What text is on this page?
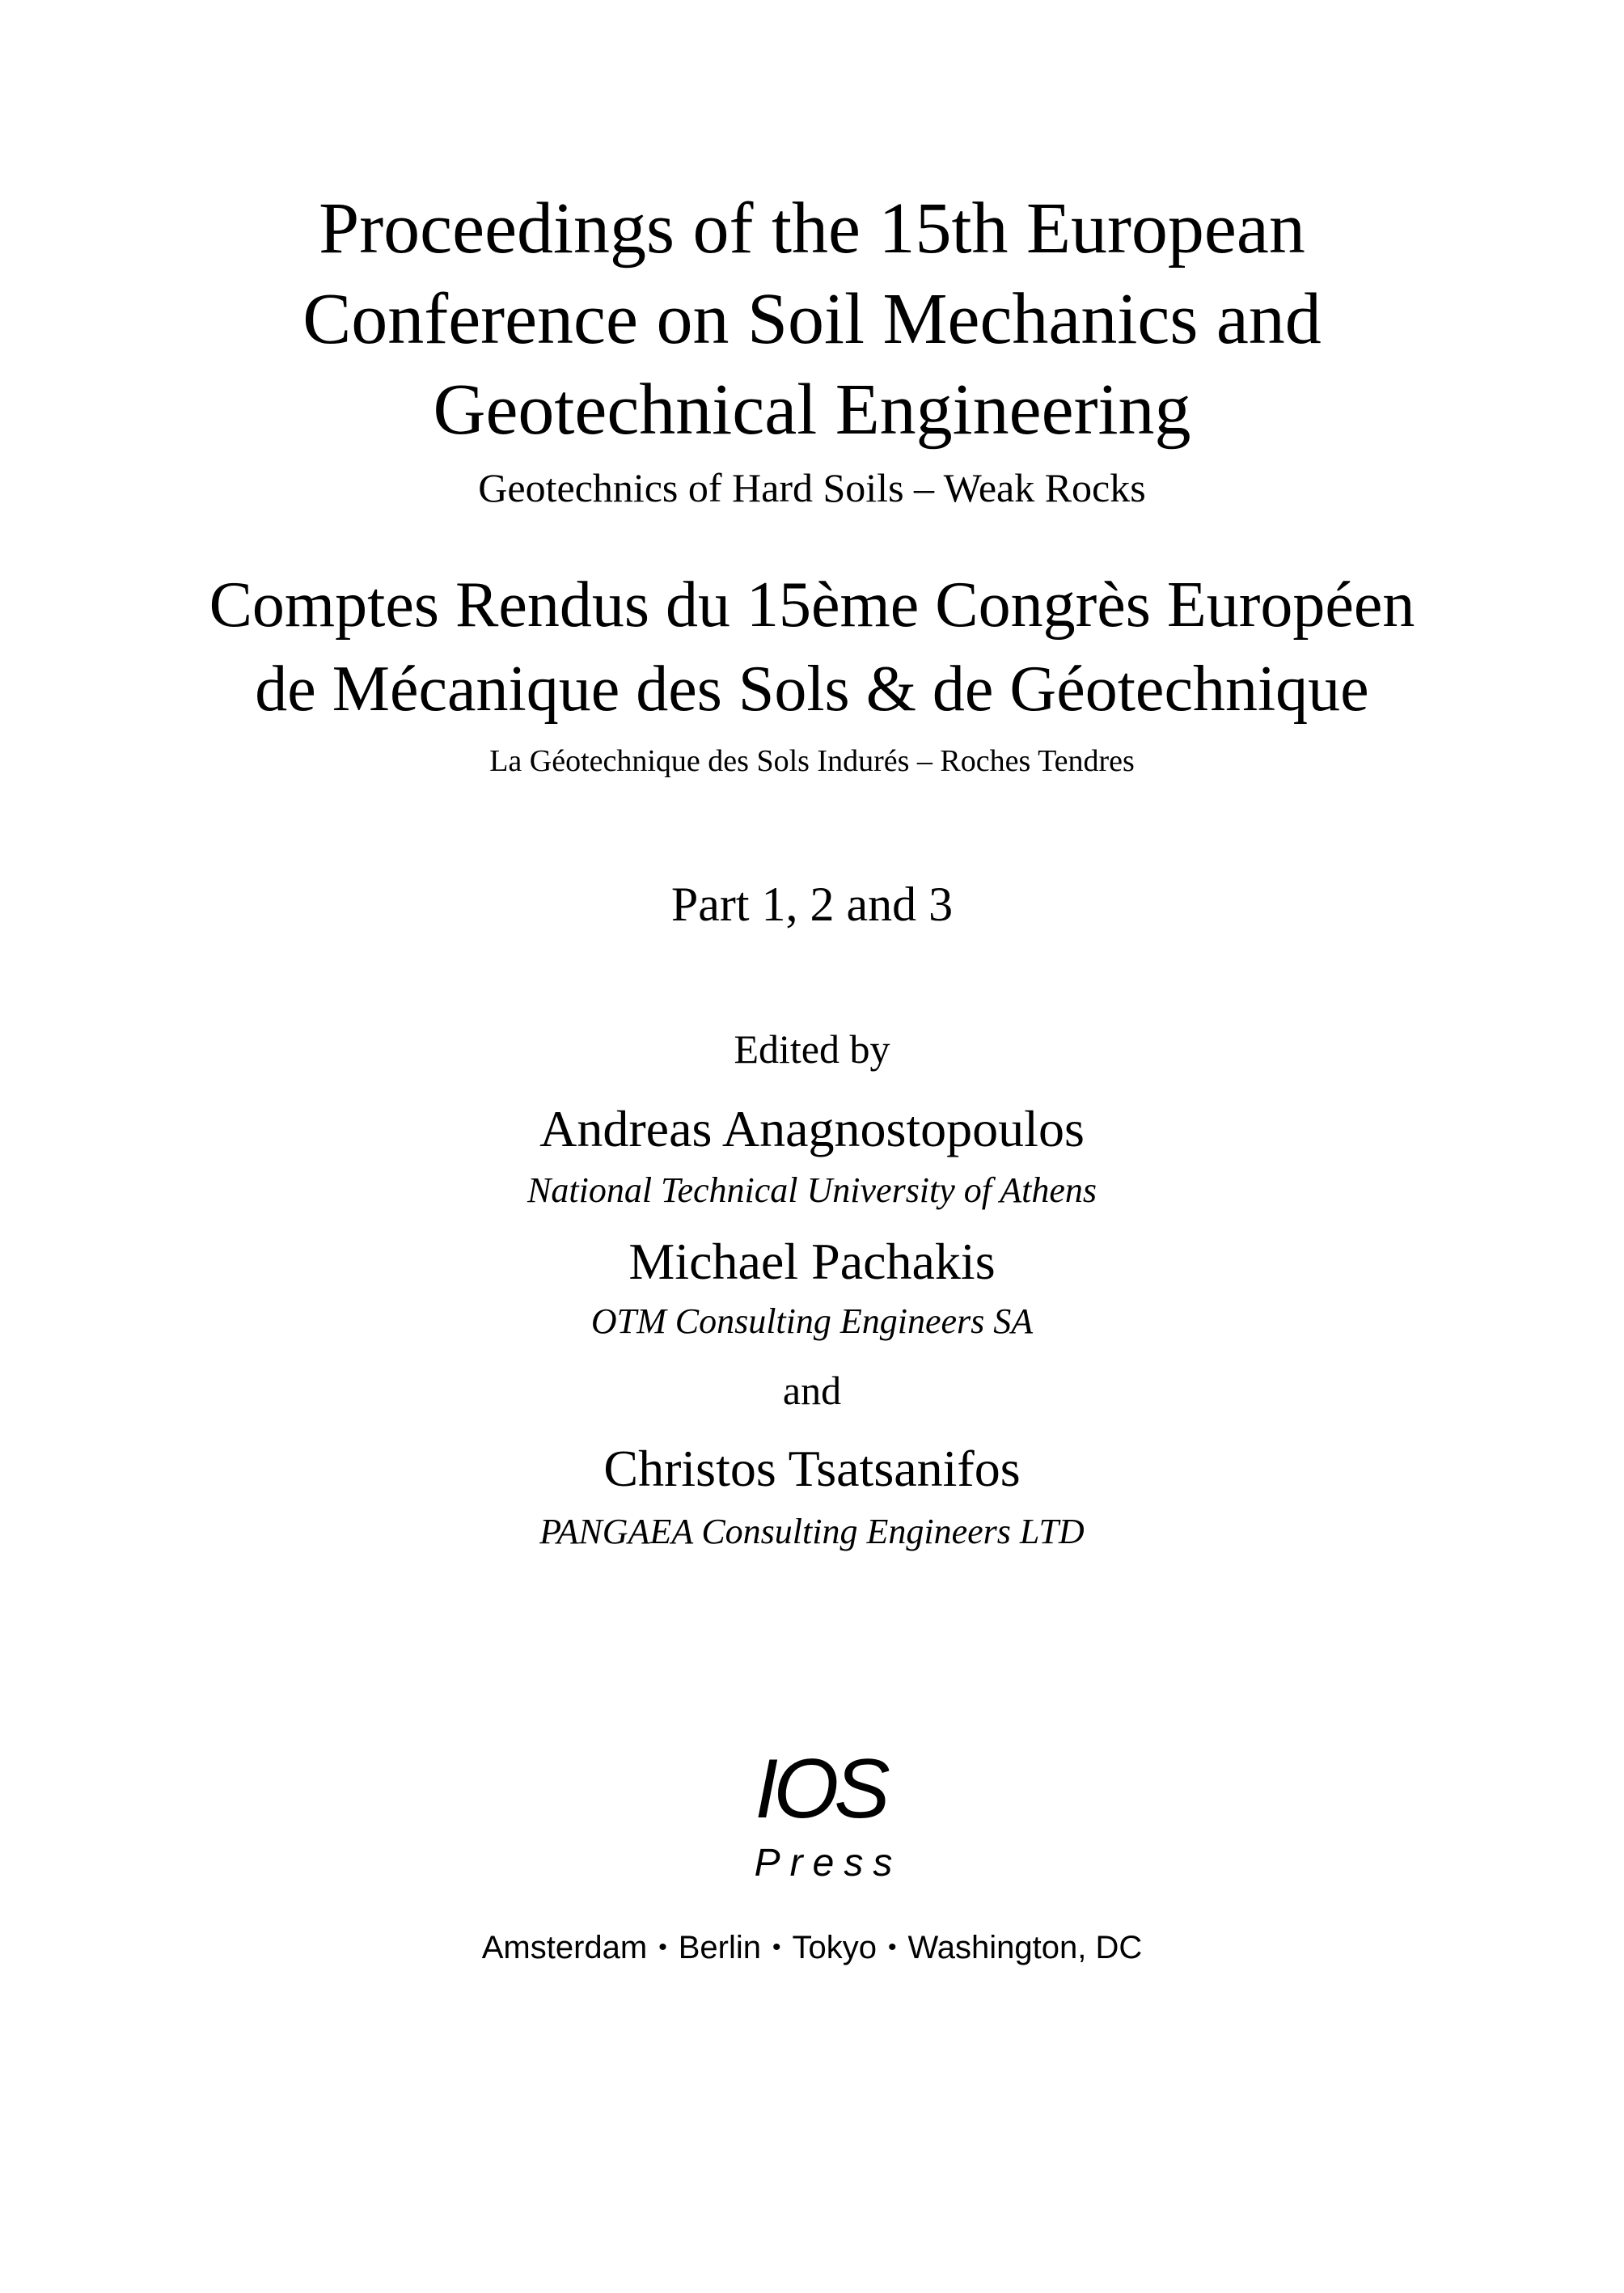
Proceedings of the 15th European
Conference on Soil Mechanics and
Geotechnical Engineering
Geotechnics of Hard Soils – Weak Rocks
Comptes Rendus du 15ème Congrès Européen
de Mécanique des Sols & de Géotechnique
La Géotechnique des Sols Indurés – Roches Tendres
Part 1, 2 and 3
Edited by
Andreas Anagnostopoulos
National Technical University of Athens
Michael Pachakis
OTM Consulting Engineers SA
and
Christos Tsatsanifos
PANGAEA Consulting Engineers LTD
IOS
Press
Amsterdam • Berlin • Tokyo • Washington, DC
